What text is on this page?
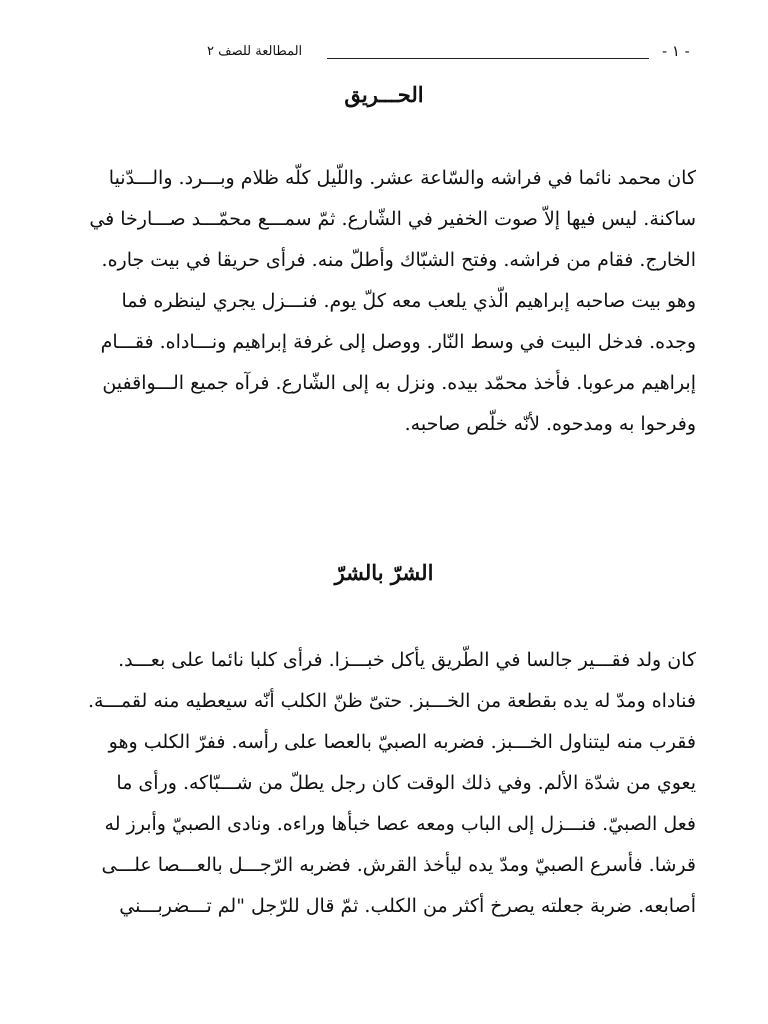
- ١ -
المطالعة للصف ٢
الحـــريق
كان محمد نائما في فراشه والسّاعة عشر. واللّيل كلّه ظلام وبـــرد. والـــدّنيا
ساكنة. ليس فيها إلاّ صوت الخفير في الشّارع. ثمّ سمـــع محمّـــد صـــارخا في
الخارج. فقام من فراشه. وفتح الشبّاك وأطلّ منه. فرأى حريقا في بيت جاره.
وهو بيت صاحبه إبراهيم الّذي يلعب معه كلّ يوم. فنـــزل يجري لينظره فما
وجده. فدخل البيت في وسط النّار. ووصل إلى غرفة إبراهيم ونـــاداه. فقـــام
إبراهيم مرعوبا. فأخذ محمّد بيده. ونزل به إلى الشّارع. فرآه جميع الـــواقفين
وفرحوا به ومدحوه. لأنّه خلّص صاحبه.
الشرّ بالشرّ
كان ولد فقـــير جالسا في الطّريق يأكل خبـــزا. فرأى كلبا نائما على بعـــد.
فناداه ومدّ له يده بقطعة من الخـــبز. حتىّ ظنّ الكلب أنّه سيعطيه منه لقمـــة.
فقرب منه ليتناول الخـــبز. فضربه الصبيّ بالعصا على رأسه. ففرّ الكلب وهو
يعوي من شدّة الألم. وفي ذلك الوقت كان رجل يطلّ من شـــبّاكه. ورأى ما
فعل الصبيّ. فنـــزل إلى الباب ومعه عصا خبأها وراءه. ونادى الصبيّ وأبرز له
قرشا. فأسرع الصبيّ ومدّ يده ليأخذ القرش. فضربه الرّجـــل بالعـــصا علـــى
أصابعه. ضربة جعلته يصرخ أكثر من الكلب. ثمّ قال للرّجل "لم تـــضربـــني
